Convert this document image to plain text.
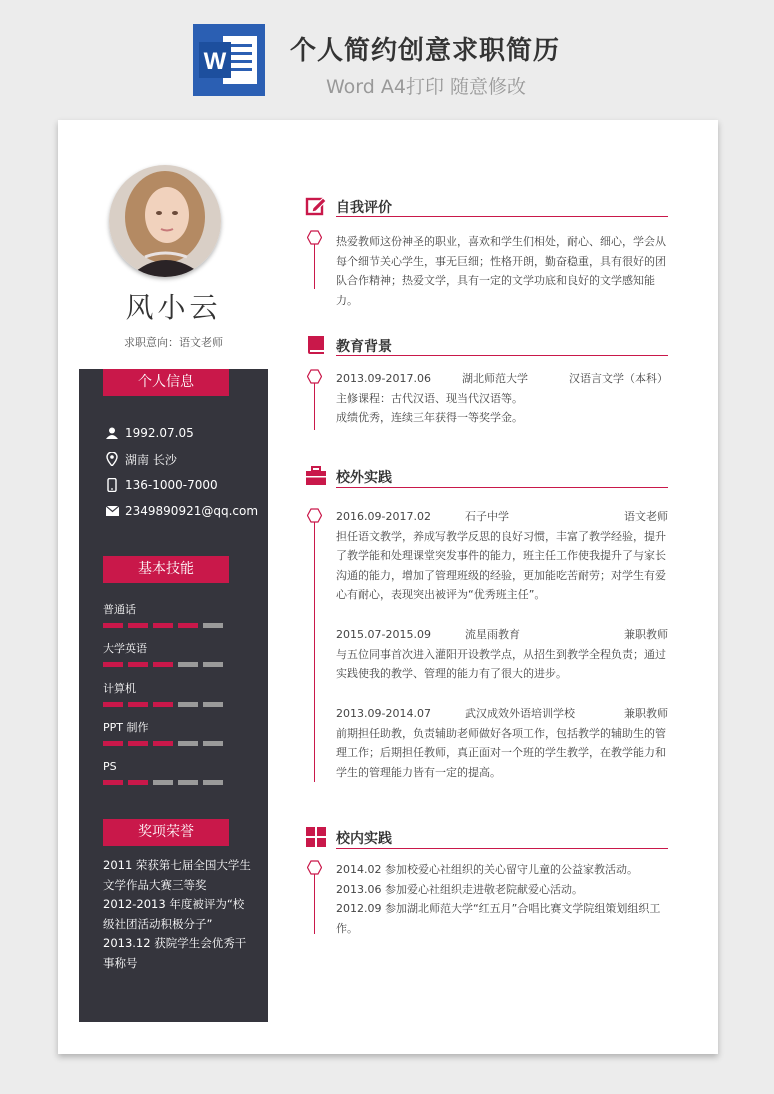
W 个人简约创意求职简历
Word A4打印 随意修改
风小云
求职意向：语文老师
个人信息
1992.07.05
湖南 长沙
136-1000-7000
2349890921@qq.com
基本技能
普通话
大学英语
计算机
PPT 制作
PS
奖项荣誉
2011 荣获第七届全国大学生文学作品大赛三等奖
2012-2013 年度被评为“校级社团活动积极分子”
2013.12 获院学生会优秀干事称号
自我评价
热爱教师这份神圣的职业，喜欢和学生们相处，耐心、细心，学会从每个细节关心学生，事无巨细；性格开朗，勤奋稳重，具有很好的团队合作精神；热爱文学，具有一定的文学功底和良好的文学感知能力。
教育背景
2013.09-2017.06	湖北师范大学	汉语言文学（本科）
主修课程：古代汉语、现当代汉语等。
成绩优秀，连续三年获得一等奖学金。
校外实践
2016.09-2017.02	石子中学	语文老师
担任语文教学，养成写教学反思的良好习惯，丰富了教学经验，提升了教学能和处理课堂突发事件的能力，班主任工作使我提升了与家长沟通的能力，增加了管理班级的经验，更加能吃苦耐劳；对学生有爱心有耐心，表现突出被评为“优秀班主任”。
2015.07-2015.09	流星雨教育	兼职教师
与五位同事首次进入灌阳开设教学点，从招生到教学全程负责；通过实践使我的教学、管理的能力有了很大的进步。
2013.09-2014.07	武汉成效外语培训学校	兼职教师
前期担任助教，负责辅助老师做好各项工作，包括教学的辅助生的管理工作；后期担任教师，真正面对一个班的学生教学，在教学能力和学生的管理能力皆有一定的提高。
校内实践
2014.02 参加校爱心社组织的关心留守儿童的公益家教活动。
2013.06 参加爱心社组织走进敬老院献爱心活动。
2012.09 参加湖北师范大学“红五月”合唱比赛文学院组策划组织工作。
